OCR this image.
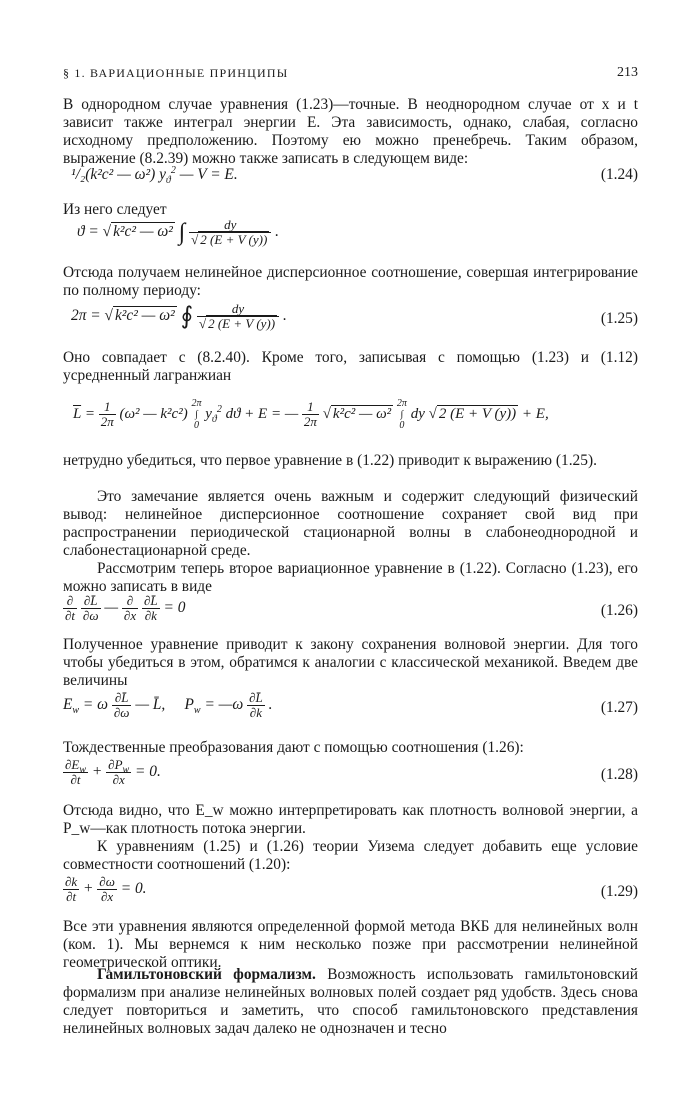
§ 1. ВАРИАЦИОННЫЕ ПРИНЦИПЫ	213

В однородном случае уравнения (1.23)—точные. В неоднородном случае от x и t зависит также интеграл энергии E. Эта зависимость, однако, слабая, согласно исходному предположению. Поэтому ею можно пренебречь. Таким образом, выражение (8.2.39) можно также записать в следующем виде:

¹/₂(k²c² — ω²) $y_ϑ^2$ — V = E.	(1.24)

Из него следует

ϑ = √ k²c² — ω² ∫ $\frac{dy}{√ 2 (E + V (y))}$ .

Отсюда получаем нелинейное дисперсионное соотношение, совершая интегрирование по полному периоду:

2π = √ k²c² — ω² ∮ $\frac{dy}{√ 2 (E + V (y))}$ .	(1.25)

Оно совпадает с (8.2.40). Кроме того, записывая с помощью (1.23) и (1.12) усредненный лагранжиан

$\overline{L} = \frac{1}{2\pi} (\omega^2$ — k²c²) 2π
∫
0 $y_ϑ^2$ dϑ + E = — $\frac{1}{2\pi}$ √ k²c² — ω² 2π
∫
0 dy √ 2 (E + V (y)) + E,

нетрудно убедиться, что первое уравнение в (1.22) приводит к выражению (1.25).

Это замечание является очень важным и содержит следующий физический вывод: нелинейное дисперсионное соотношение сохраняет свой вид при распространении периодической стационарной волны в слабонеоднородной и слабонестационарной среде.

Рассмотрим теперь второе вариационное уравнение в (1.22). Согласно (1.23), его можно записать в виде

$\frac{\partial}{\partial t}$
$\frac{\partial L̄}{\partial\omega}$ — $\frac{\partial}{\partial x}$
$\frac{\partial L̄}{\partial k} = 0$	(1.26)

Полученное уравнение приводит к закону сохранения волновой энергии. Для того чтобы убедиться в этом, обратимся к аналогии с классической механикой. Введем две величины

$E_w = \omega \frac{\partial L̄}{\partial\omega}$ — L̄,     $P_w$ = —ω $\frac{\partial L̄}{\partial k}$ .	(1.27)

Тождественные преобразования дают с помощью соотношения (1.26):

$\frac{\partial E_w}{\partial t} + \frac{\partial P_w}{\partial x} = 0$.	(1.28)

Отсюда видно, что E_w можно интерпретировать как плотность волновой энергии, а P_w—как плотность потока энергии.

К уравнениям (1.25) и (1.26) теории Уизема следует добавить еще условие совместности соотношений (1.20):

$\frac{\partial k}{\partial t} + \frac{\partial\omega}{\partial x} = 0$.	(1.29)

Все эти уравнения являются определенной формой метода ВКБ для нелинейных волн (ком. 1). Мы вернемся к ним несколько позже при рассмотрении нелинейной геометрической оптики.

Гамильтоновский формализм. Возможность использовать гамильтоновский формализм при анализе нелинейных волновых полей создает ряд удобств. Здесь снова следует повториться и заметить, что способ гамильтоновского представления нелинейных волновых задач далеко не однозначен и тесно
